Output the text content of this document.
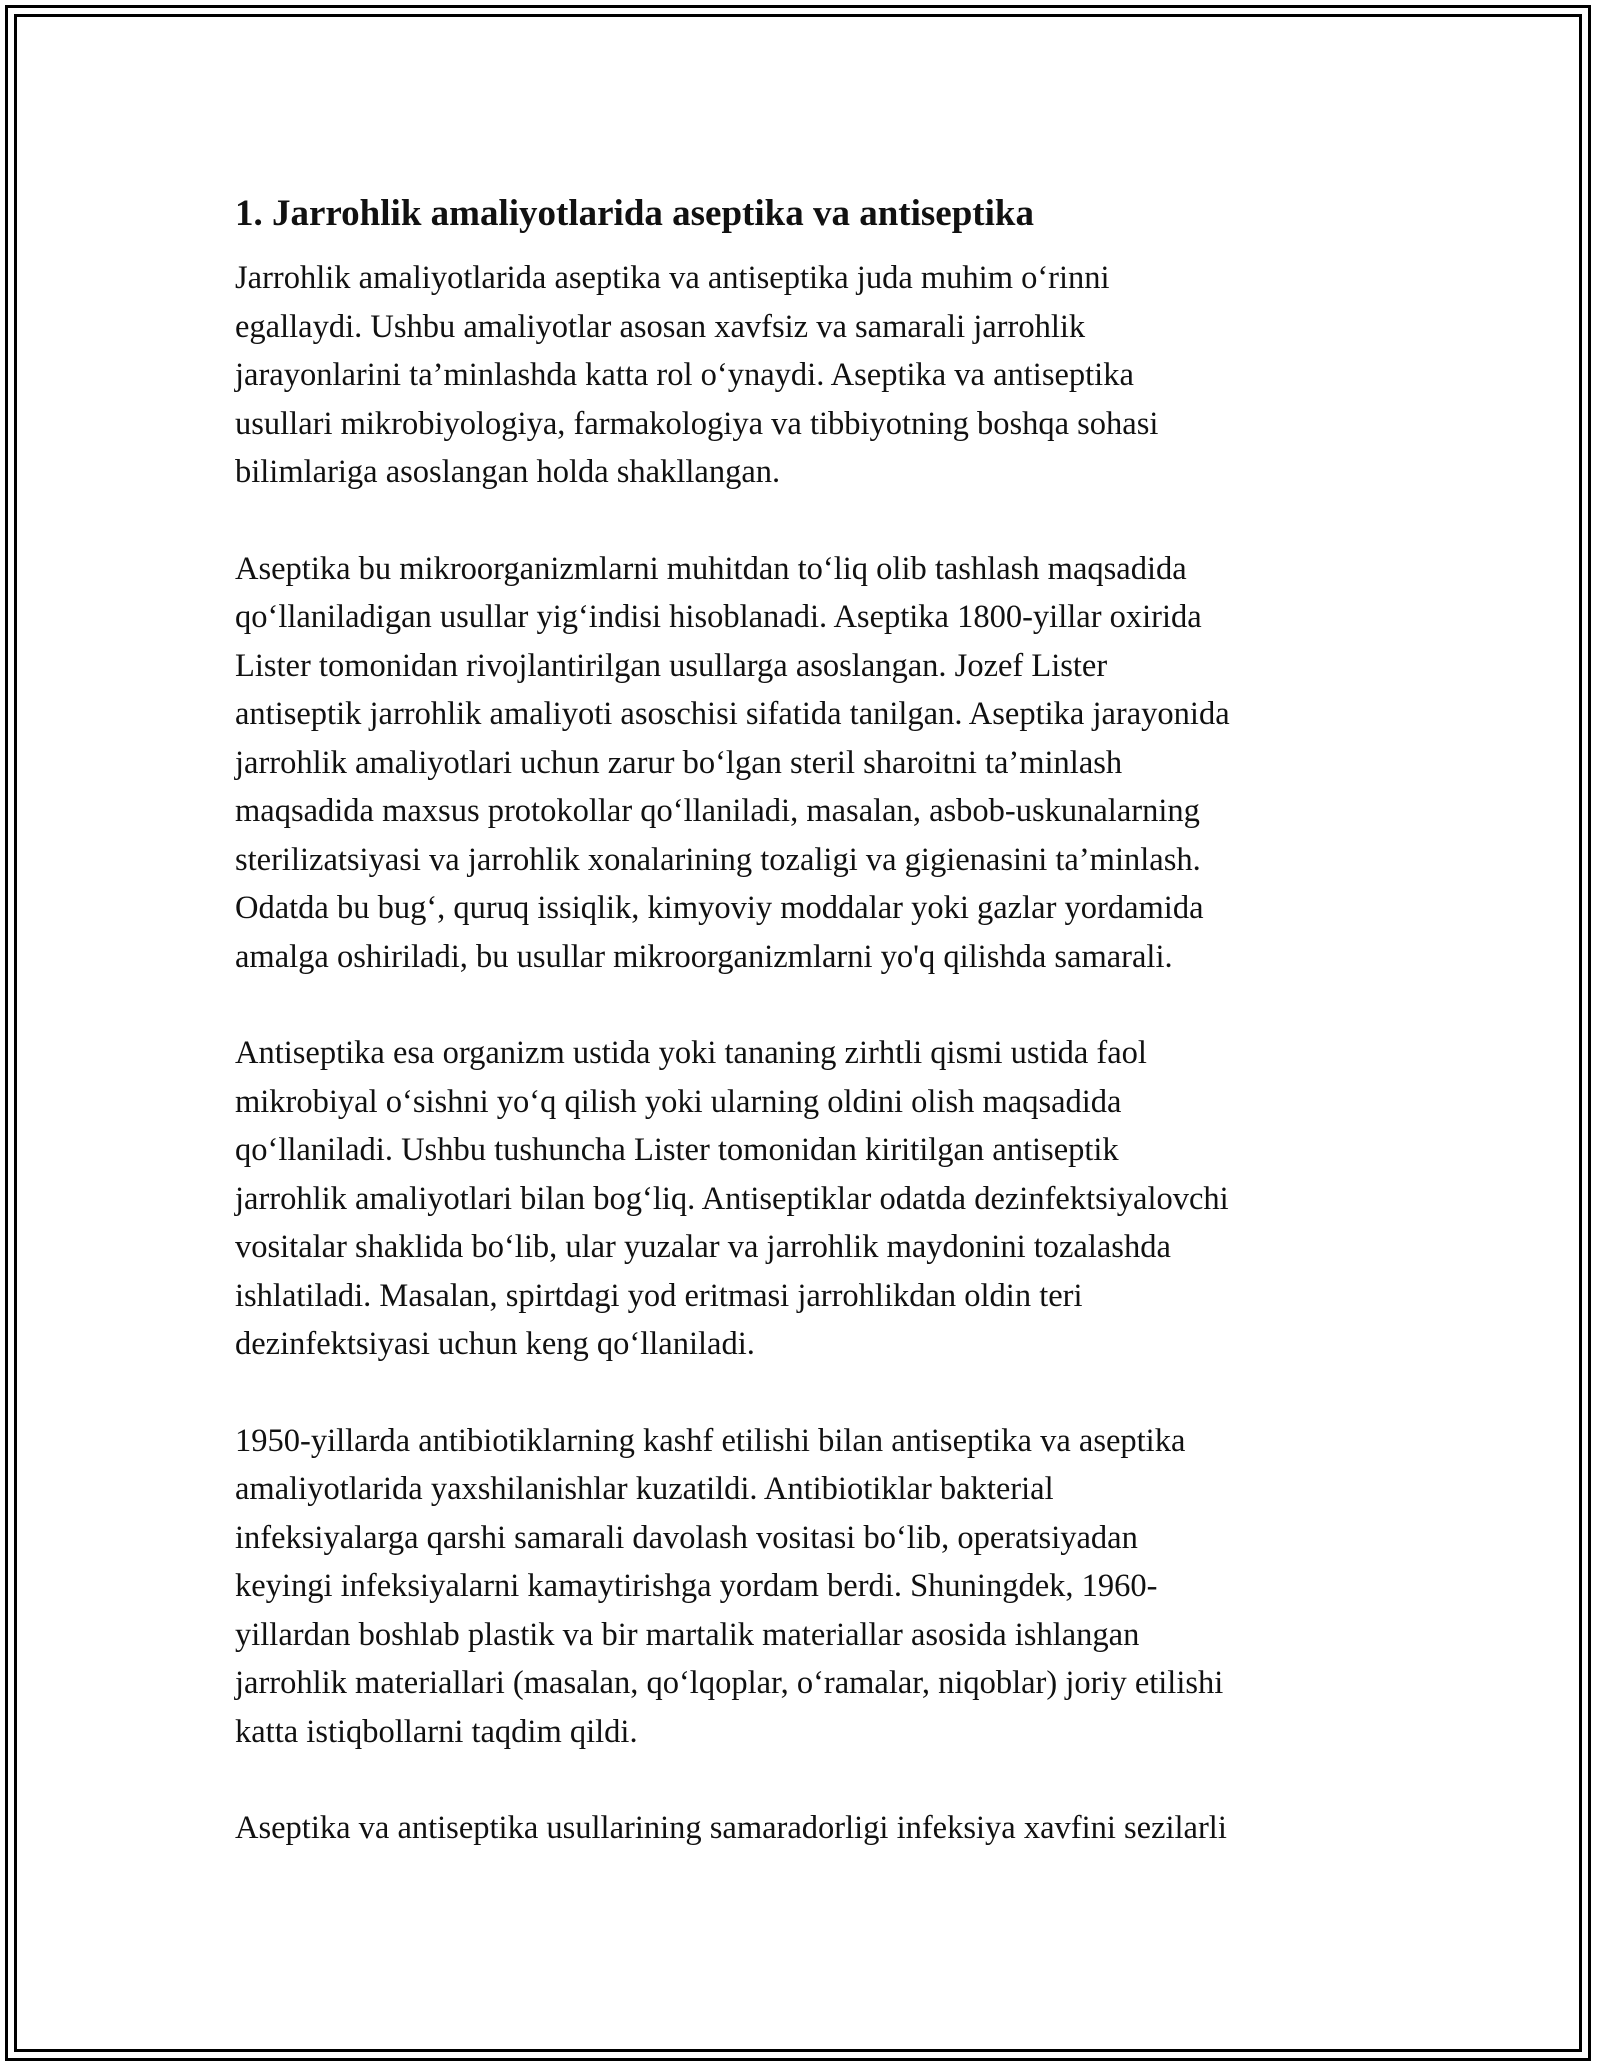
1. Jarrohlik amaliyotlarida aseptika va antiseptika
Jarrohlik amaliyotlarida aseptika va antiseptika juda muhim o‘rinni
egallaydi. Ushbu amaliyotlar asosan xavfsiz va samarali jarrohlik
jarayonlarini ta’minlashda katta rol o‘ynaydi. Aseptika va antiseptika
usullari mikrobiyologiya, farmakologiya va tibbiyotning boshqa sohasi
bilimlariga asoslangan holda shakllangan.
Aseptika bu mikroorganizmlarni muhitdan to‘liq olib tashlash maqsadida
qo‘llaniladigan usullar yig‘indisi hisoblanadi. Aseptika 1800-yillar oxirida
Lister tomonidan rivojlantirilgan usullarga asoslangan. Jozef Lister
antiseptik jarrohlik amaliyoti asoschisi sifatida tanilgan. Aseptika jarayonida
jarrohlik amaliyotlari uchun zarur bo‘lgan steril sharoitni ta’minlash
maqsadida maxsus protokollar qo‘llaniladi, masalan, asbob-uskunalarning
sterilizatsiyasi va jarrohlik xonalarining tozaligi va gigienasini ta’minlash.
Odatda bu bug‘, quruq issiqlik, kimyoviy moddalar yoki gazlar yordamida
amalga oshiriladi, bu usullar mikroorganizmlarni yo'q qilishda samarali.
Antiseptika esa organizm ustida yoki tananing zirhtli qismi ustida faol
mikrobiyal o‘sishni yo‘q qilish yoki ularning oldini olish maqsadida
qo‘llaniladi. Ushbu tushuncha Lister tomonidan kiritilgan antiseptik
jarrohlik amaliyotlari bilan bog‘liq. Antiseptiklar odatda dezinfektsiyalovchi
vositalar shaklida bo‘lib, ular yuzalar va jarrohlik maydonini tozalashda
ishlatiladi. Masalan, spirtdagi yod eritmasi jarrohlikdan oldin teri
dezinfektsiyasi uchun keng qo‘llaniladi.
1950-yillarda antibiotiklarning kashf etilishi bilan antiseptika va aseptika
amaliyotlarida yaxshilanishlar kuzatildi. Antibiotiklar bakterial
infeksiyalarga qarshi samarali davolash vositasi bo‘lib, operatsiyadan
keyingi infeksiyalarni kamaytirishga yordam berdi. Shuningdek, 1960-
yillardan boshlab plastik va bir martalik materiallar asosida ishlangan
jarrohlik materiallari (masalan, qo‘lqoplar, o‘ramalar, niqoblar) joriy etilishi
katta istiqbollarni taqdim qildi.
Aseptika va antiseptika usullarining samaradorligi infeksiya xavfini sezilarli
